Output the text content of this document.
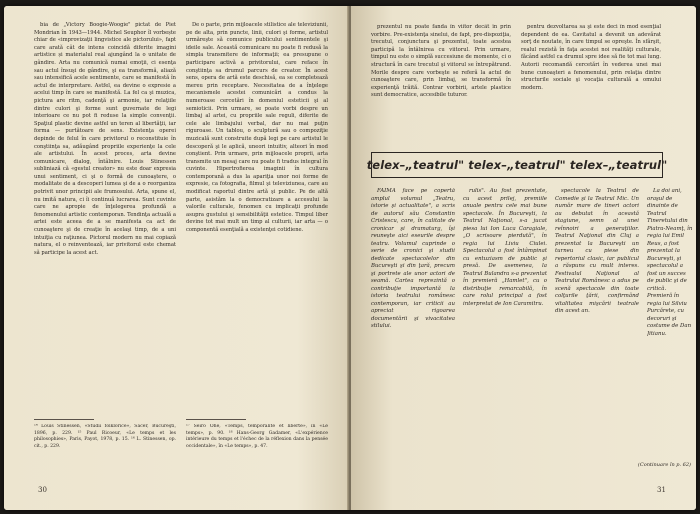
bia de „Victory Boogie-Woogie" pictat de Piet Mondrian în 1943—1944. Michel Seuphor îl vorbește chiar de «improvizaţii lingvistice ale pictorului», fapt care arată cât de intens coincidă diferite imagini artistice și materialul real ajungând la o unitate de gândire. Arta nu comunică numai emoţii, ci esenţa sau actul însuşi de gândire, şi ea transformă, aliază sau intensifică acele sentimente, care se manifestă în actul de interpretare. Astfel, ea devine o expresie a acelui timp în care se manifestă. La fel ca şi muzica, pictura are ritm, cadenţă şi armonie, iar relaţiile dintre culori şi forme sunt guvernate de legi interioare ce nu pot fi reduse la simple convenţii. Spaţiul plastic devine astfel un teren al libertăţii, iar forma — purtătoare de sens. Existenţa operei depinde de felul în care privitorul o reconstituie în conştiinţa sa, adăugând propriile experienţe la cele ale artistului. În acest proces, arta devine comunicare, dialog, întâlnire. Louis Stinessen subliniază că «gestul creator» nu este doar expresia unui sentiment, ci şi o formă de cunoaştere, o modalitate de a descoperi lumea şi de a o reorganiza potrivit unor principii ale frumosului. Arta, spune el, nu imită natura, ci îi continuă lucrarea. Sunt cuvinte care ne apropie de înţelegerea profundă a fenomenului artistic contemporan. Tendinţa actuală a artei este aceea de a se manifesta ca act de cunoaştere şi de creaţie în acelaşi timp, de a uni intuiţia cu raţiunea. Pictorul modern nu mai copiază natura, el o reinventează, iar privitorul este chemat să participe la acest act.

De o parte, prin mijloacele stilistice ale televiziunii, pe de alta, prin puncte, linii, culori şi forme, artistul urmăreşte să comunice publicului sentimentele şi ideile sale. Această comunicare nu poate fi redusă la simpla transmitere de informaţii; ea presupune o participare activă a privitorului, care reface în conştiinţa sa drumul parcurs de creator. În acest sens, opera de artă este deschisă, ea se completează mereu prin receptare. Necesitatea de a înţelege mecanismele acestei comunicări a condus la numeroase cercetări în domeniul esteticii şi al semioticii. Prin urmare, se poate vorbi despre un limbaj al artei, cu propriile sale reguli, diferite de cele ale limbajului verbal, dar nu mai puţin riguroase. Un tablou, o sculptură sau o compoziţie muzicală sunt construite după legi pe care artistul le descoperă şi le aplică, uneori intuitiv, alteori în mod conştient. Prin urmare, prin mijloacele proprii, arta transmite un mesaj care nu poate fi tradus integral în cuvinte. Hipertrofierea imaginii în cultura contemporană a dus la apariţia unor noi forme de expresie, ca fotografia, filmul şi televiziunea, care au modificat raportul dintre artă şi public. Pe de altă parte, asistăm la o democratizare a accesului la valorile culturale, fenomen cu implicaţii profunde asupra gustului şi sensibilităţii estetice. Timpul liber devine tot mai mult un timp al culturii, iar arta — o componentă esenţială a existenţei cotidiene.

¹⁴ Louis Stinessen, «Studii folklorice», Sacer, Bucureşti, 1896, p. 229. ¹⁵ Paul Ricoeur, «Le temps et les philosophies», Paris, Payot, 1978, p. 15. ¹⁶ L. Stinessen, op. cit., p. 229.
¹⁷ Seiro Ohe, «Temps, temporalité et liberté», în «Le temps», p. 90. ¹⁸ Hans-Georg Gadamer, «L'expérience intérieure du temps et l'échec de la réflexion dans la pensée occidentale», în «Le temps», p. 47.
30

prezentul nu poate fanda în viitor decât în prin vorbire. Pre-existenţa sinelui, de fapt, pre-dispoziţia, trecutul, conjunctura şi prezentul, toate acestea participă la întâlnirea cu viitorul. Prin urmare, timpul nu este o simplă succesiune de momente, ci o structură în care trecutul şi viitorul se întrepătrund. Morile despre care vorbeşte se referă la actul de cunoaştere care, prin limbaj, se transformă în experienţă trăită. Contrar vorbirii, artele plastice sunt democratice, accesibile tuturor.

pentru dezvoltarea sa şi este deci în mod esenţial dependent de ea. Cavitatul a devenit un adevărat sorţ de noutate, în care timpul se opreşte. În sfârşit, realul rezistă în faţa acestei noi realităţi culturale, făcând astfel ca drumul spre idee să fie tot mai lung. Autorii recomandă cercetări în vederea unei mai bune cunoaşteri a fenomenului, prin relaţia dintre structurile sociale şi vocaţia culturală a omului modern.

telex–„teatrul" telex–„teatrul" telex–„teatrul"

FAIMA face pe copertă amplul volumul „Teatru, istorie şi actualitate", a scris de autorul său Constantin Cristescu, care, în calitate de cronicar şi dramaturg, îşi reuneşte aici eseurile despre teatru. Volumul cuprinde o serie de cronici şi studii dedicate spectacolelor din Bucureşti şi din ţară, precum şi portrete ale unor actori de seamă. Cartea reprezintă o contribuţie importantă la istoria teatrului românesc contemporan, iar criticii au apreciat rigoarea documentării şi vivacitatea stilului.

rulis". Au fost prezentate, cu acest prilej, premiile anuale pentru cele mai bune spectacole. În Bucureşti, la Teatrul Naţional, s-a jucat piesa lui Ion Luca Caragiale, „O scrisoare pierdută", în regia lui Liviu Ciulei. Spectacolul a fost întâmpinat cu entuziasm de public şi presă. De asemenea, la Teatrul Bulandra s-a prezentat în premieră „Hamlet", cu o distribuţie remarcabilă, în care rolul principal a fost interpretat de Ion Caramitru.

spectacole la Teatrul de Comedie şi la Teatrul Mic. Un număr mare de tineri actori au debutat în această stagiune, semn al unei reînnoiri a generaţiilor. Teatrul Naţional din Cluj a prezentat la Bucureşti un turneu cu piese din repertoriul clasic, iar publicul a răspuns cu mult interes. Festivalul Naţional al Teatrului Românesc a adus pe scenă spectacole din toate colţurile ţării, confirmând vitalitatea mişcării teatrale din acest an.

La doi ani, oraşul de dinainte de Teatrul Tineretului din Piatra-Neamţ, în regia lui Emil Reus, a fost prezentat la Bucureşti, şi spectacolul a fost un succes de public şi de critică. Premieră în regia lui Silviu Purcărete, cu decoruri şi costume de Dan Jitianu.

(Continuare în p. 62)
31
